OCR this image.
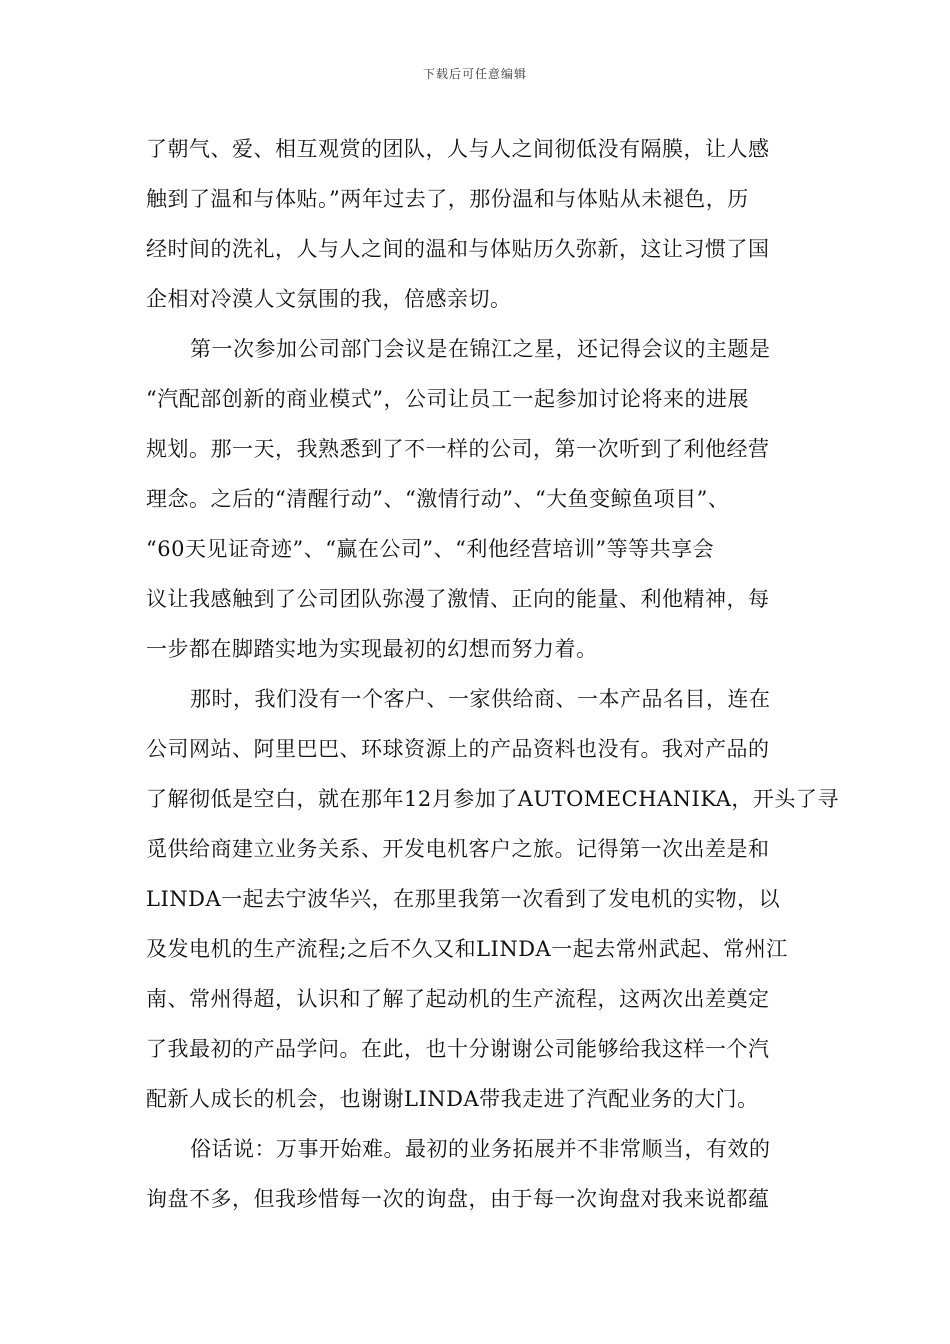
下载后可任意编辑
了朝气、爱、相互观赏的团队，人与人之间彻低没有隔膜，让人感
触到了温和与体贴。”两年过去了，那份温和与体贴从未褪色，历
经时间的洗礼，人与人之间的温和与体贴历久弥新，这让习惯了国
企相对冷漠人文氛围的我，倍感亲切。
第一次参加公司部门会议是在锦江之星，还记得会议的主题是
“汽配部创新的商业模式”，公司让员工一起参加讨论将来的进展
规划。那一天，我熟悉到了不一样的公司，第一次听到了利他经营
理念。之后的“清醒行动”、“激情行动”、“大鱼变鲸鱼项目”、
“60天见证奇迹”、“赢在公司”、“利他经营培训”等等共享会
议让我感触到了公司团队弥漫了激情、正向的能量、利他精神，每
一步都在脚踏实地为实现最初的幻想而努力着。
那时，我们没有一个客户、一家供给商、一本产品名目，连在
公司网站、阿里巴巴、环球资源上的产品资料也没有。我对产品的
了解彻低是空白，就在那年12月参加了AUTOMECHANIKA，开头了寻
觅供给商建立业务关系、开发电机客户之旅。记得第一次出差是和
LINDA一起去宁波华兴，在那里我第一次看到了发电机的实物，以
及发电机的生产流程;之后不久又和LINDA一起去常州武起、常州江
南、常州得超，认识和了解了起动机的生产流程，这两次出差奠定
了我最初的产品学问。在此，也十分谢谢公司能够给我这样一个汽
配新人成长的机会，也谢谢LINDA带我走进了汽配业务的大门。
俗话说：万事开始难。最初的业务拓展并不非常顺当，有效的
询盘不多，但我珍惜每一次的询盘，由于每一次询盘对我来说都蕴
